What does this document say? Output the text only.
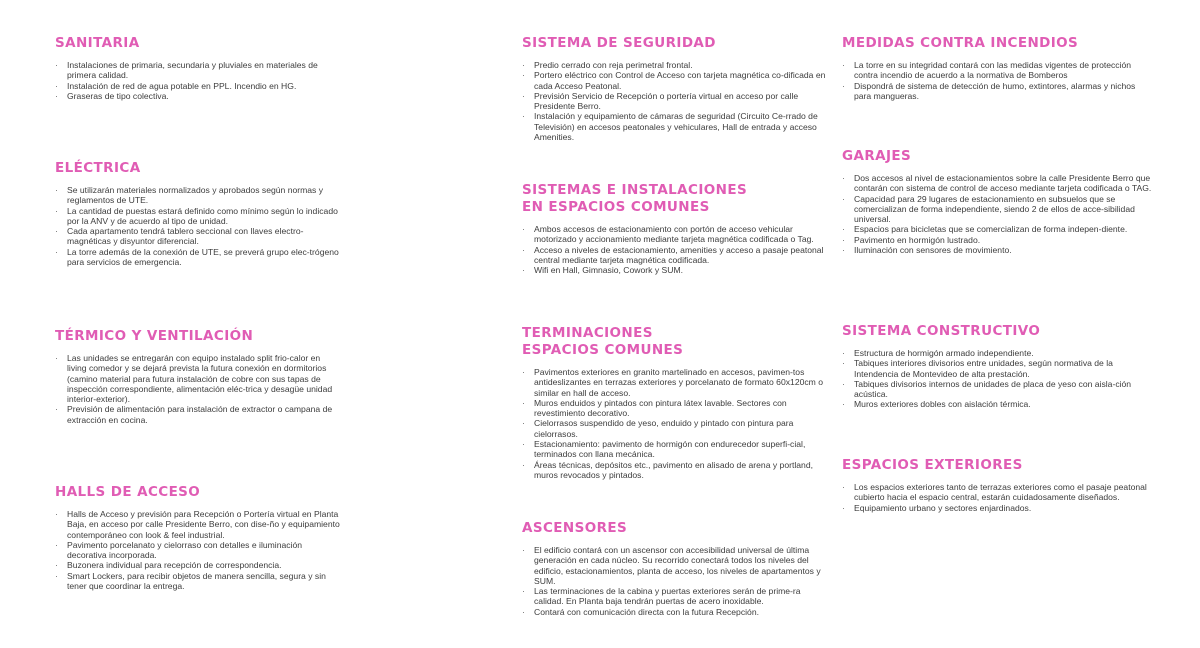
SANITARIA
· Instalaciones de primaria, secundaria y pluviales en materiales de primera calidad.
· Instalación de red de agua potable en PPL. Incendio en HG.
· Graseras de tipo colectiva.
ELÉCTRICA
· Se utilizarán materiales normalizados y aprobados según normas y reglamentos de UTE.
· La cantidad de puestas estará definido como mínimo según lo indicado por la ANV y de acuerdo al tipo de unidad.
· Cada apartamento tendrá tablero seccional con llaves electro-magnéticas y disyuntor diferencial.
· La torre además de la conexión de UTE, se preverá grupo elec-trógeno para servicios de emergencia.
TÉRMICO Y VENTILACIÓN
· Las unidades se entregarán con equipo instalado split frio-calor en living comedor y se dejará prevista la futura conexión en dormitorios (camino material para futura instalación de cobre con sus tapas de inspección correspondiente, alimentación eléc-trica y desagüe unidad interior-exterior).
· Previsión de alimentación para instalación de extractor o campana de extracción en cocina.
HALLS DE ACCESO
· Halls de Acceso y previsión para Recepción o Portería virtual en Planta Baja, en acceso por calle Presidente Berro, con dise-ño y equipamiento contemporáneo con look & feel industrial.
· Pavimento porcelanato y cielorraso con detalles e iluminación decorativa incorporada.
· Buzonera individual para recepción de correspondencia.
· Smart Lockers, para recibir objetos de manera sencilla, segura y sin tener que coordinar la entrega.
SISTEMA DE SEGURIDAD
· Predio cerrado con reja perimetral frontal.
· Portero eléctrico con Control de Acceso con tarjeta magnética co-dificada en cada Acceso Peatonal.
· Previsión Servicio de Recepción o portería virtual en acceso por calle Presidente Berro.
· Instalación y equipamiento de cámaras de seguridad (Circuito Ce-rrado de Televisión) en accesos peatonales y vehiculares, Hall de entrada y acceso Amenities.
SISTEMAS E INSTALACIONES
EN ESPACIOS COMUNES
· Ambos accesos de estacionamiento con portón de acceso vehicular motorizado y accionamiento mediante tarjeta magnética codificada o Tag.
· Acceso a niveles de estacionamiento, amenities y acceso a pasaje peatonal central mediante tarjeta magnética codificada.
· Wifi en Hall, Gimnasio, Cowork y SUM.
TERMINACIONES
ESPACIOS COMUNES
· Pavimentos exteriores en granito martelinado en accesos, pavimen-tos antideslizantes en terrazas exteriores y porcelanato de formato 60x120cm o similar en hall de acceso.
· Muros enduidos y pintados con pintura látex lavable. Sectores con revestimiento decorativo.
· Cielorrasos suspendido de yeso, enduido y pintado con pintura para cielorrasos.
· Estacionamiento: pavimento de hormigón con endurecedor superfi-cial, terminados con llana mecánica.
· Áreas técnicas, depósitos etc., pavimento en alisado de arena y portland, muros revocados y pintados.
ASCENSORES
· El edificio contará con un ascensor con accesibilidad universal de última generación en cada núcleo. Su recorrido conectará todos los niveles del edificio, estacionamientos, planta de acceso, los niveles de apartamentos y SUM.
· Las terminaciones de la cabina y puertas exteriores serán de prime-ra calidad. En Planta baja tendrán puertas de acero inoxidable.
· Contará con comunicación directa con la futura Recepción.
MEDIDAS CONTRA INCENDIOS
· La torre en su integridad contará con las medidas vigentes de protección contra incendio de acuerdo a la normativa de Bomberos
· Dispondrá de sistema de detección de humo, extintores, alarmas y nichos para mangueras.
GARAJES
· Dos accesos al nivel de estacionamientos sobre la calle Presidente Berro que contarán con sistema de control de acceso mediante tarjeta codificada o TAG.
· Capacidad para 29 lugares de estacionamiento en subsuelos que se comercializan de forma independiente, siendo 2 de ellos de acce-sibilidad universal.
· Espacios para bicicletas que se comercializan de forma indepen-diente.
· Pavimento en hormigón lustrado.
· Iluminación con sensores de movimiento.
SISTEMA CONSTRUCTIVO
· Estructura de hormigón armado independiente.
· Tabiques interiores divisorios entre unidades, según normativa de la Intendencia de Montevideo de alta prestación.
· Tabiques divisorios internos de unidades de placa de yeso con aisla-ción acústica.
· Muros exteriores dobles con aislación térmica.
ESPACIOS EXTERIORES
· Los espacios exteriores tanto de terrazas exteriores como el pasaje peatonal cubierto hacia el espacio central, estarán cuidadosamente diseñados.
· Equipamiento urbano y sectores enjardinados.
